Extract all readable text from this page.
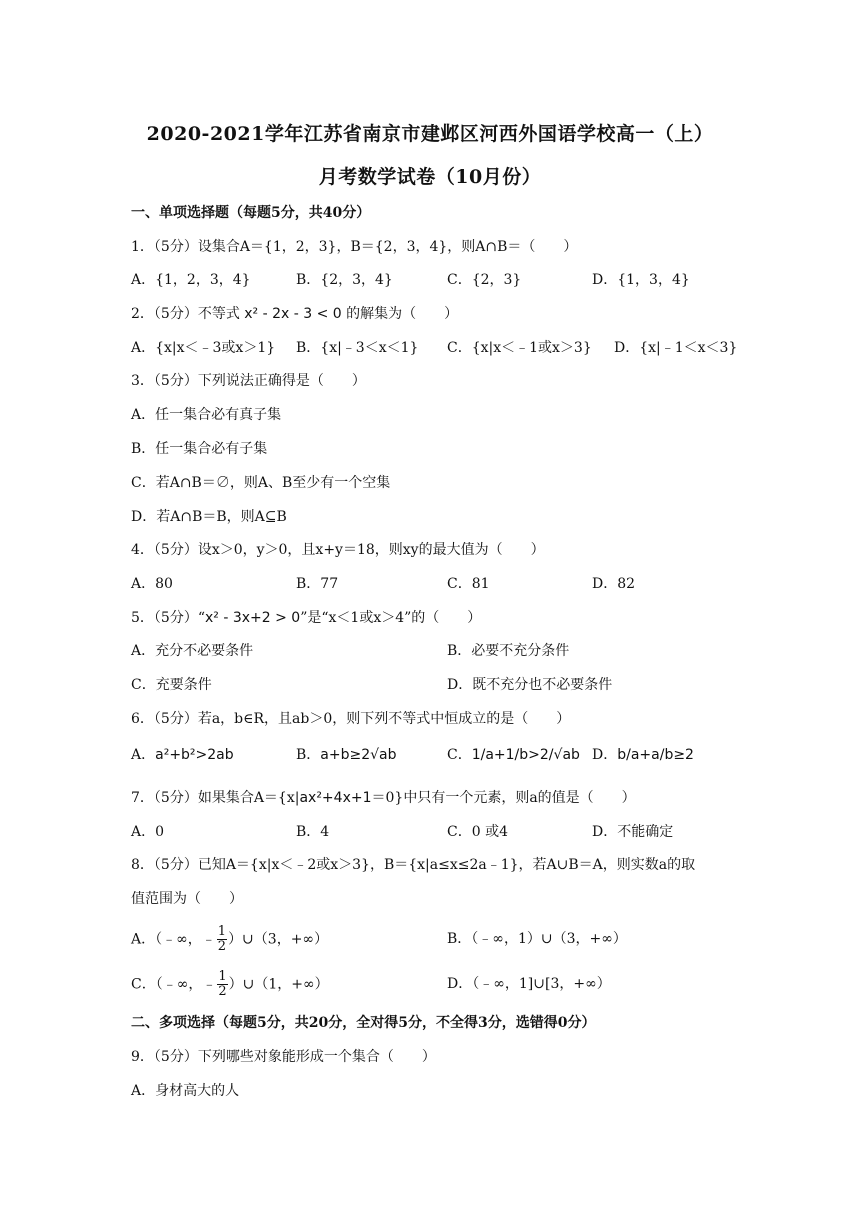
2020-2021学年江苏省南京市建邺区河西外国语学校高一（上）
月考数学试卷（10月份）
一、单项选择题（每题5分，共40分）
1．（5分）设集合A＝{1，2，3}，B＝{2，3，4}，则A∩B＝（　　）
A．{1，2，3，4}	B．{2，3，4}	C．{2，3}	D．{1，3，4}
2．（5分）不等式 x² - 2x - 3 < 0 的解集为（　　）
A．{x|x＜﹣3或x＞1} B．{x|﹣3＜x＜1} C．{x|x＜﹣1或x＞3} D．{x|﹣1＜x＜3}
3．（5分）下列说法正确得是（　　）
A．任一集合必有真子集
B．任一集合必有子集
C．若A∩B＝∅，则A、B至少有一个空集
D．若A∩B＝B，则A⊆B
4．（5分）设x＞0，y＞0，且x+y＝18，则xy的最大值为（　　）
A．80	B．77	C．81	D．82
5．（5分）“x² - 3x+2 > 0”是“x＜1或x＞4”的（　　）
A．充分不必要条件	B．必要不充分条件
C．充要条件	D．既不充分也不必要条件
6．（5分）若a，b∈R，且ab＞0，则下列不等式中恒成立的是（　　）
A．a²+b²>2ab	B．a+b≥2√ab	C．1/a+1/b>2/√ab D．b/a+a/b≥2
7．（5分）如果集合A＝{x|ax²+4x+1＝0}中只有一个元素，则a的值是（　　）
A．0	B．4	C．0 或4	D．不能确定
8．（5分）已知A＝{x|x＜﹣2或x＞3}，B＝{x|a≤x≤2a﹣1}，若A∪B＝A，则实数a的取
值范围为（　　）
A．（﹣∞，﹣ $\frac{1}{2}$ ）∪（3，+∞）	B．（﹣∞，1）∪（3，+∞）
C．（﹣∞，﹣ $\frac{1}{2}$ ）∪（1，+∞）	D．（﹣∞，1]∪[3，+∞）
二、多项选择（每题5分，共20分，全对得5分，不全得3分，选错得0分）
9．（5分）下列哪些对象能形成一个集合（　　）
A．身材高大的人
